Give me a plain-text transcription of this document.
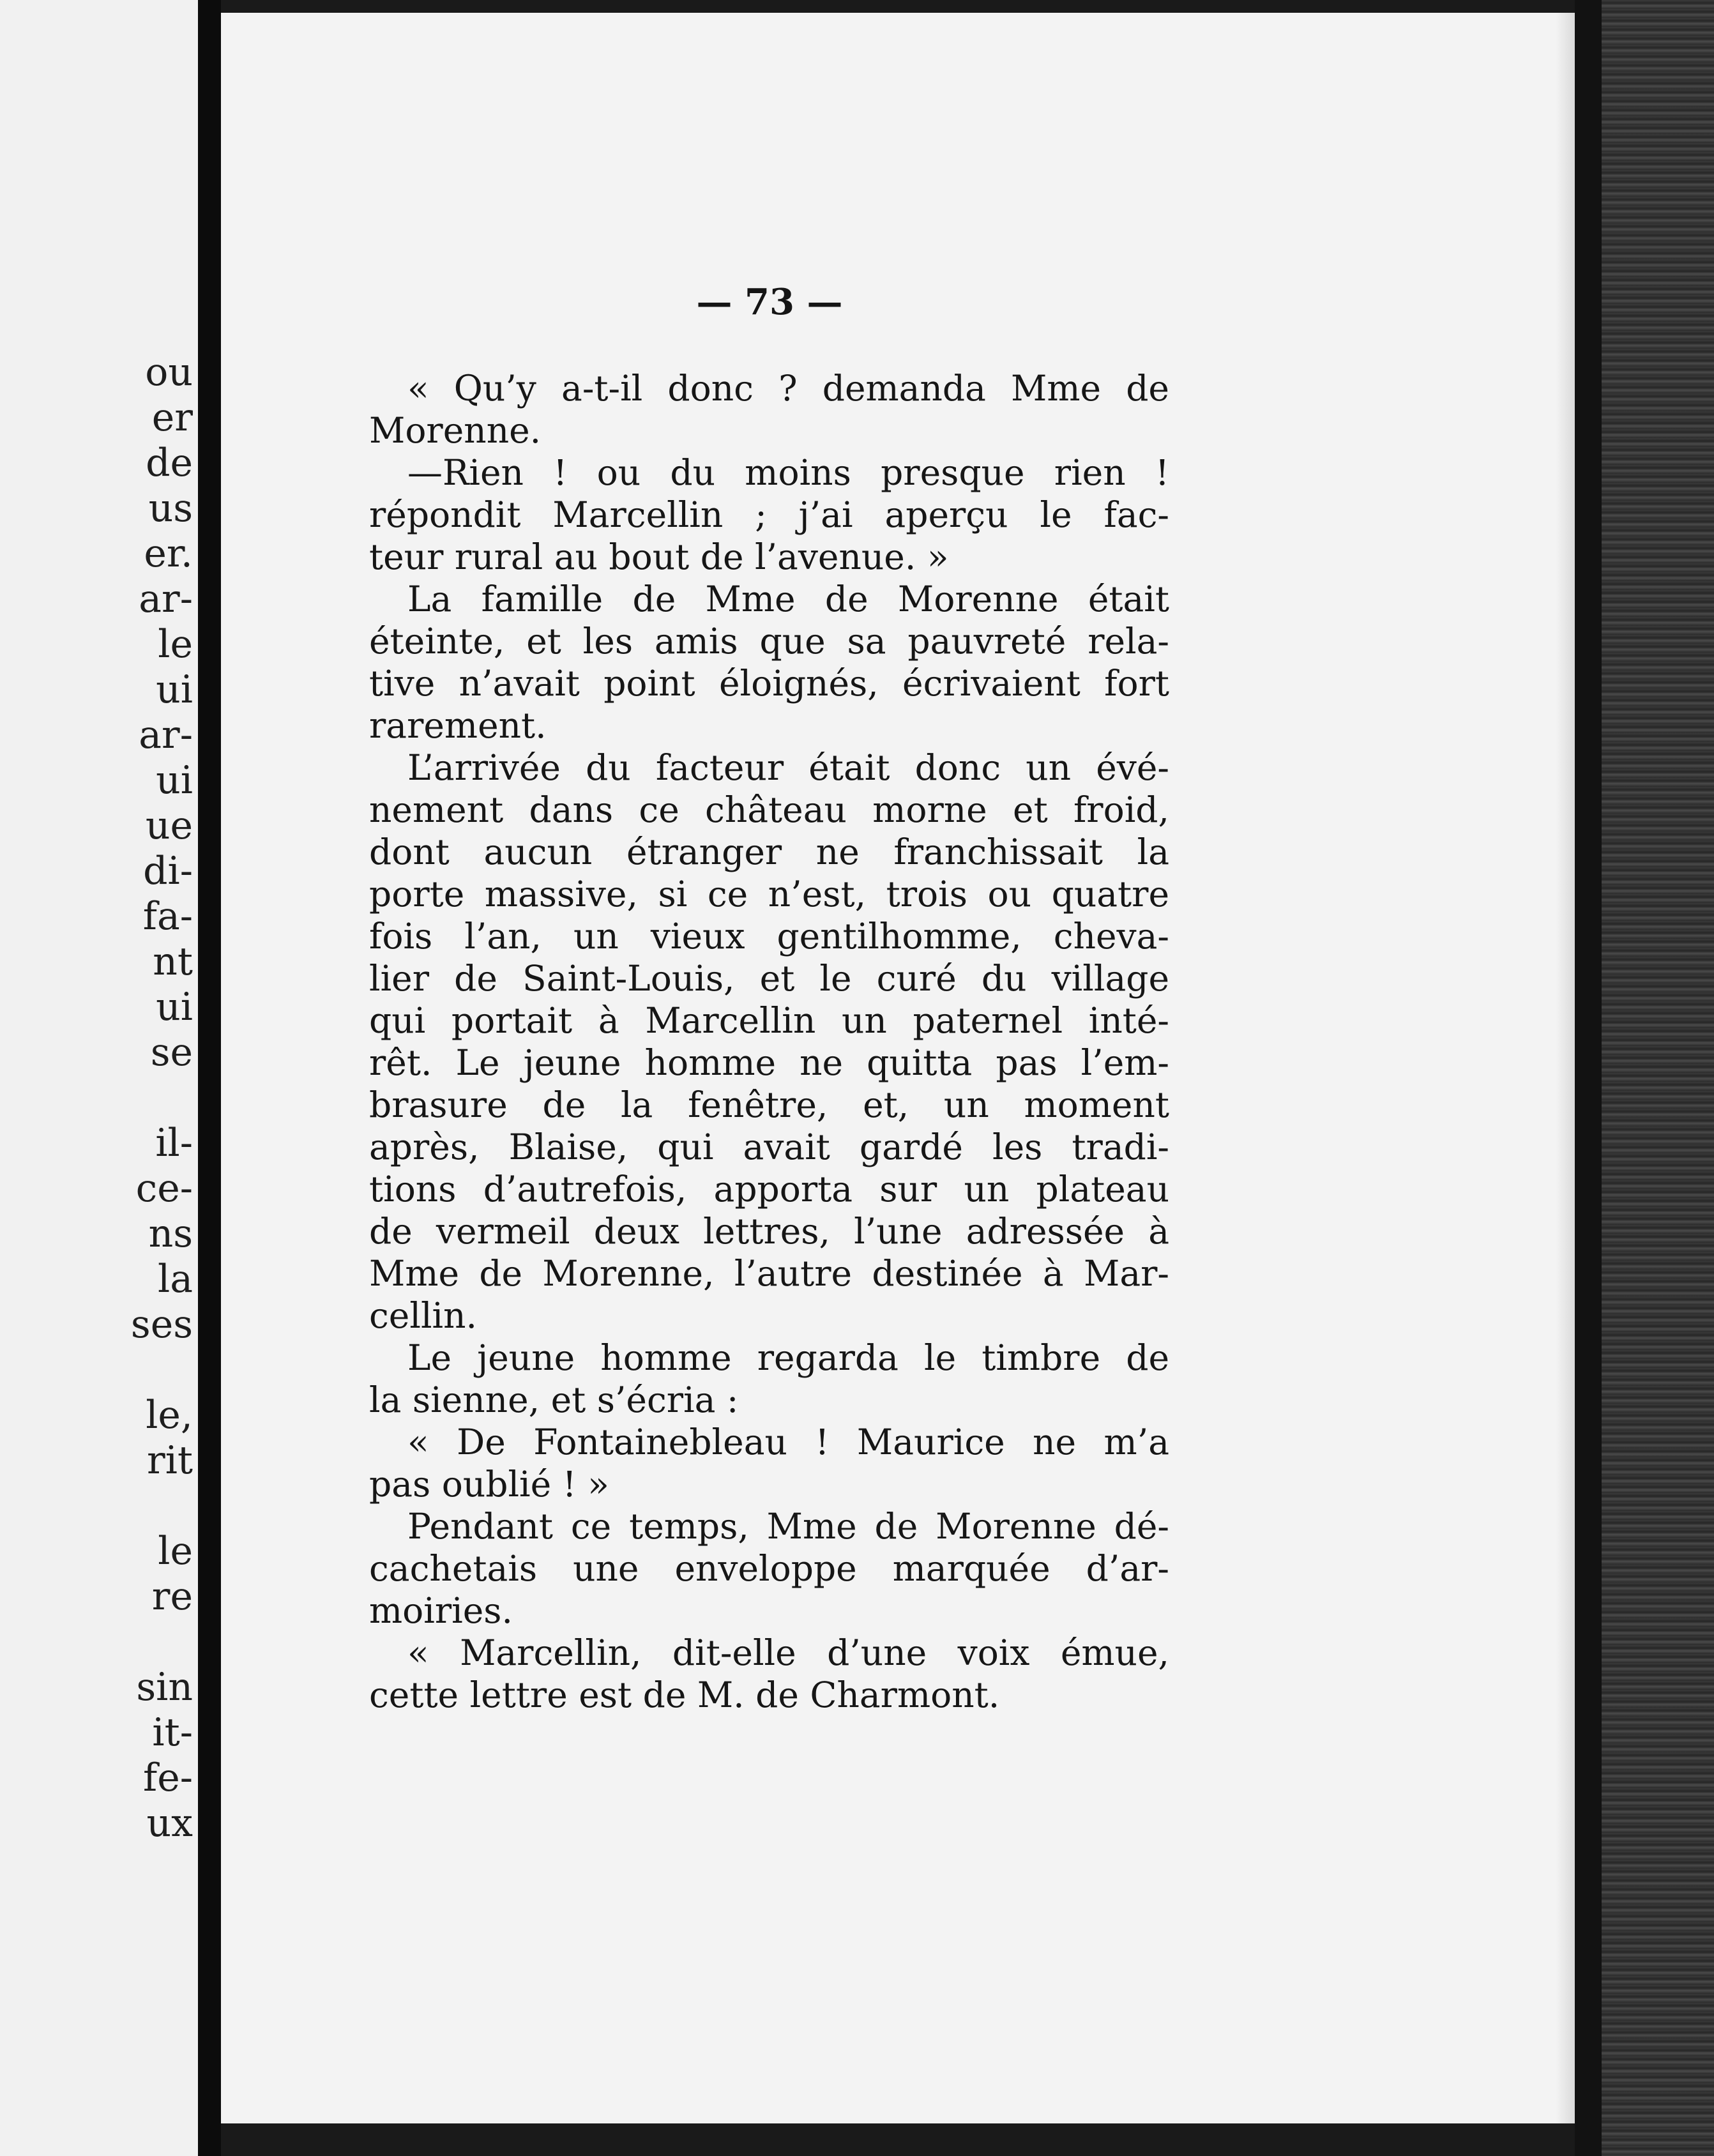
ou
er
de
us
er.
ar-
le
ui
ar-
ui
ue
di-
fa-
nt
ui
se
il-
ce-
ns
la
ses
le,
rit
le
re
sin
it-
fe-
ux
— 73 —
« Qu’y a-t-il donc ? demanda Mme de
Morenne.
—Rien ! ou du moins presque rien !
répondit Marcellin ; j’ai aperçu le fac-
teur rural au bout de l’avenue. »
La famille de Mme de Morenne était
éteinte, et les amis que sa pauvreté rela-
tive n’avait point éloignés, écrivaient fort
rarement.
L’arrivée du facteur était donc un évé-
nement dans ce château morne et froid,
dont aucun étranger ne franchissait la
porte massive, si ce n’est, trois ou quatre
fois l’an, un vieux gentilhomme, cheva-
lier de Saint-Louis, et le curé du village
qui portait à Marcellin un paternel inté-
rêt. Le jeune homme ne quitta pas l’em-
brasure de la fenêtre, et, un moment
après, Blaise, qui avait gardé les tradi-
tions d’autrefois, apporta sur un plateau
de vermeil deux lettres, l’une adressée à
Mme de Morenne, l’autre destinée à Mar-
cellin.
Le jeune homme regarda le timbre de
la sienne, et s’écria :
« De Fontainebleau ! Maurice ne m’a
pas oublié ! »
Pendant ce temps, Mme de Morenne dé-
cachetais une enveloppe marquée d’ar-
moiries.
« Marcellin, dit-elle d’une voix émue,
cette lettre est de M. de Charmont.
